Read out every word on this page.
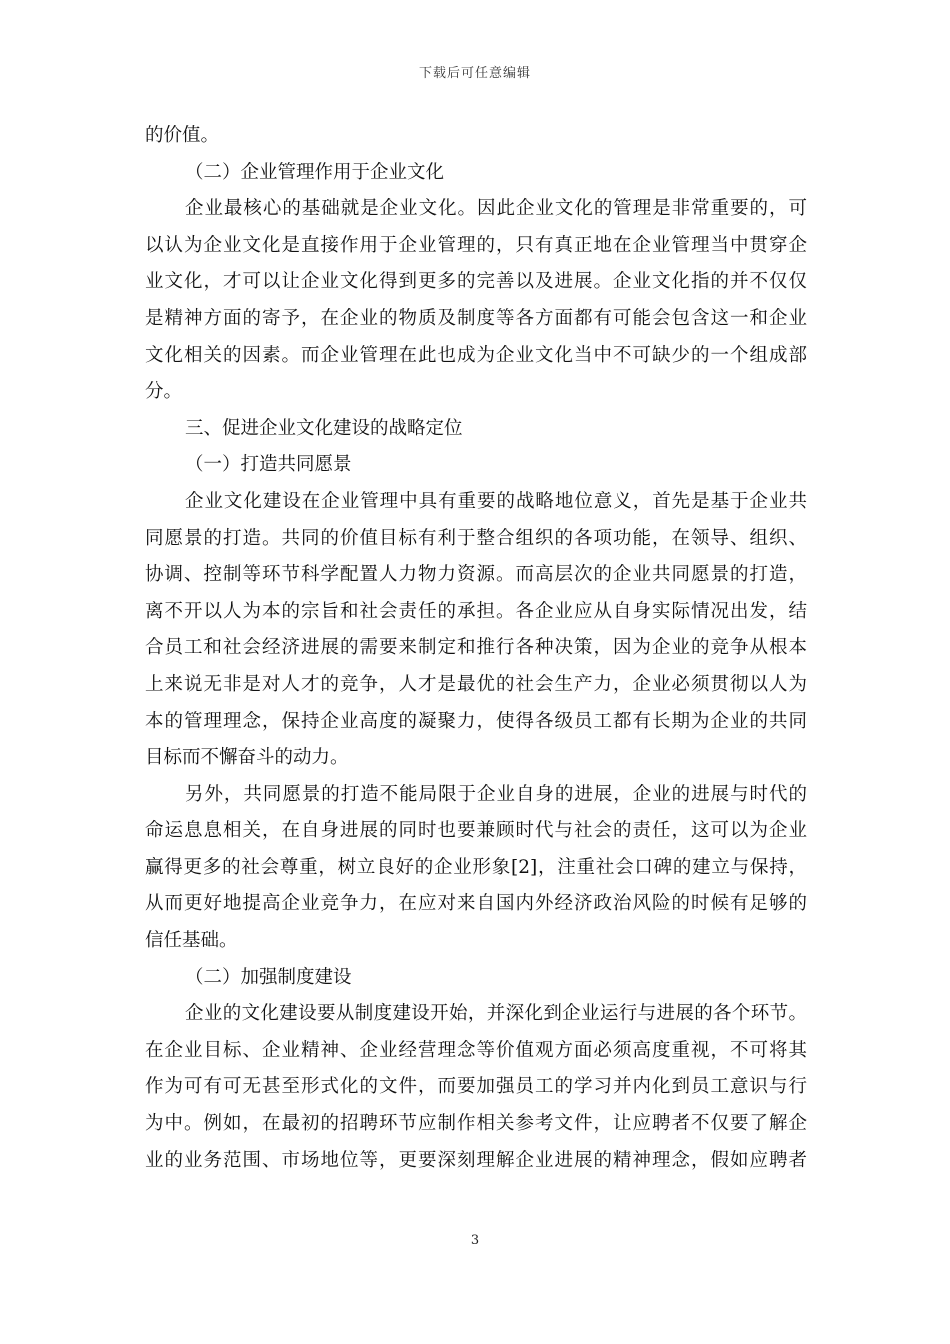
下载后可任意编辑
的价值。
（二）企业管理作用于企业文化
企业最核心的基础就是企业文化。因此企业文化的管理是非常重要的，可
以认为企业文化是直接作用于企业管理的，只有真正地在企业管理当中贯穿企
业文化，才可以让企业文化得到更多的完善以及进展。企业文化指的并不仅仅
是精神方面的寄予，在企业的物质及制度等各方面都有可能会包含这一和企业
文化相关的因素。而企业管理在此也成为企业文化当中不可缺少的一个组成部
分。
三、促进企业文化建设的战略定位
（一）打造共同愿景
企业文化建设在企业管理中具有重要的战略地位意义，首先是基于企业共
同愿景的打造。共同的价值目标有利于整合组织的各项功能，在领导、组织、
协调、控制等环节科学配置人力物力资源。而高层次的企业共同愿景的打造，
离不开以人为本的宗旨和社会责任的承担。各企业应从自身实际情况出发，结
合员工和社会经济进展的需要来制定和推行各种决策，因为企业的竞争从根本
上来说无非是对人才的竞争，人才是最优的社会生产力，企业必须贯彻以人为
本的管理理念，保持企业高度的凝聚力，使得各级员工都有长期为企业的共同
目标而不懈奋斗的动力。
另外，共同愿景的打造不能局限于企业自身的进展，企业的进展与时代的
命运息息相关，在自身进展的同时也要兼顾时代与社会的责任，这可以为企业
赢得更多的社会尊重，树立良好的企业形象[2]，注重社会口碑的建立与保持，
从而更好地提高企业竞争力，在应对来自国内外经济政治风险的时候有足够的
信任基础。
（二）加强制度建设
企业的文化建设要从制度建设开始，并深化到企业运行与进展的各个环节。
在企业目标、企业精神、企业经营理念等价值观方面必须高度重视，不可将其
作为可有可无甚至形式化的文件，而要加强员工的学习并内化到员工意识与行
为中。例如，在最初的招聘环节应制作相关参考文件，让应聘者不仅要了解企
业的业务范围、市场地位等，更要深刻理解企业进展的精神理念，假如应聘者
3
